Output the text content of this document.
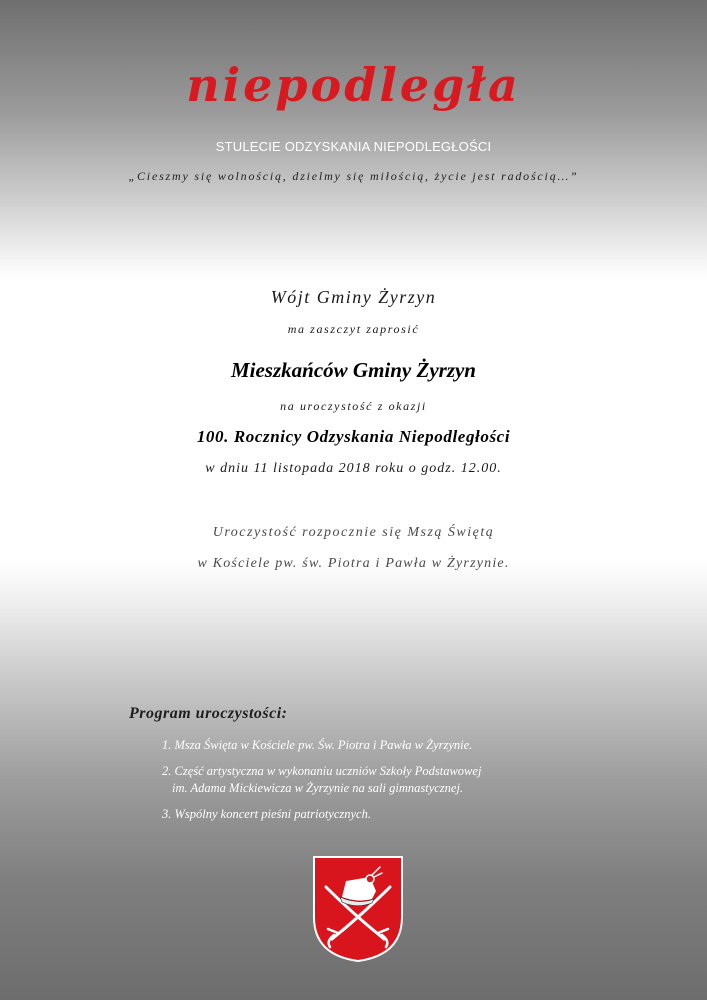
niepodległa
STULECIE ODZYSKANIA NIEPODLEGŁOŚCI
„Cieszmy się wolnością, dzielmy się miłością, życie jest radością…”
Wójt Gminy Żyrzyn
ma zaszczyt zaprosić
Mieszkańców Gminy Żyrzyn
na uroczystość z okazji
100. Rocznicy Odzyskania Niepodległości
w dniu 11 listopada 2018 roku o godz. 12.00.
Uroczystość rozpocznie się Mszą Świętą
w Kościele pw. św. Piotra i Pawła w Żyrzynie.
Program uroczystości:
1. Msza Święta w Kościele pw. Św. Piotra i Pawła w Żyrzynie.
2. Część artystyczna w wykonaniu uczniów Szkoły Podstawowej
im. Adama Mickiewicza w Żyrzynie na sali gimnastycznej.
3. Wspólny koncert pieśni patriotycznych.
